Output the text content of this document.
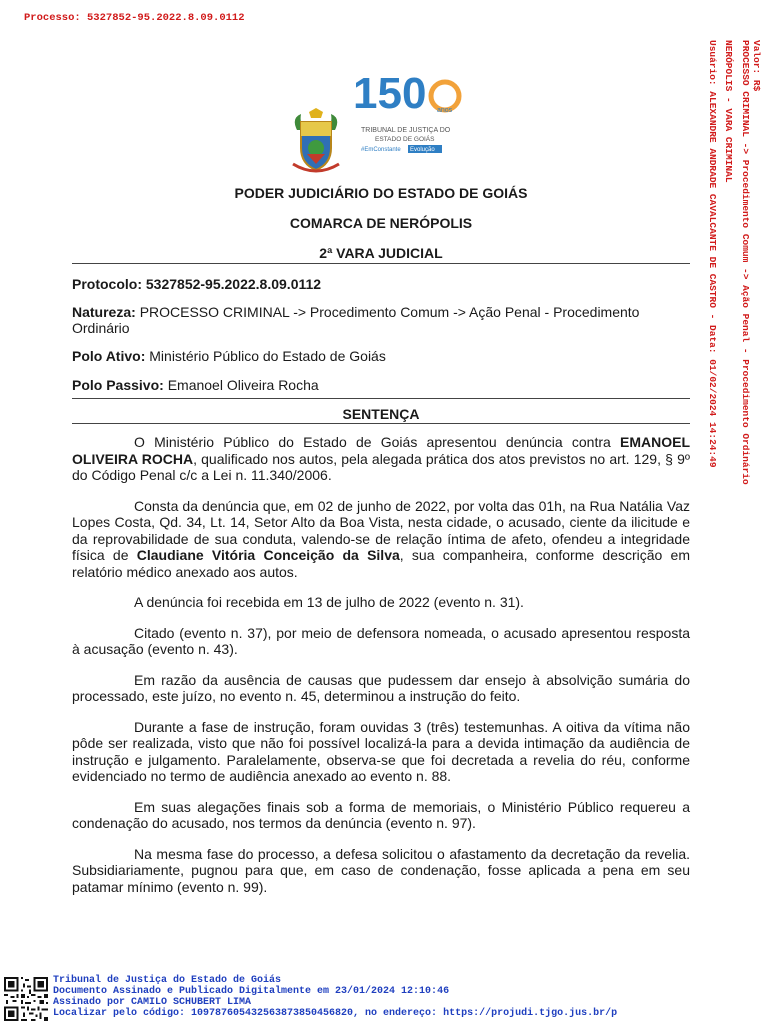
Processo: 5327852-95.2022.8.09.0112
Valor: R$
PROCESSO CRIMINAL -> Procedimento Comum -> Ação Penal - Procedimento Ordinário
NERÓPOLIS - VARA CRIMINAL
Usuário: ALEXANDRE ANDRADE CAVALCANTE DE CASTRO - Data: 01/02/2024 14:24:49
150 anos
TRIBUNAL DE JUSTIÇA DO
ESTADO DE GOIÁS
#EmConstante Evolução
PODER JUDICIÁRIO DO ESTADO DE GOIÁS
COMARCA DE NERÓPOLIS
2ª VARA JUDICIAL
Protocolo: 5327852-95.2022.8.09.0112
Natureza: PROCESSO CRIMINAL -> Procedimento Comum -> Ação Penal - Procedimento Ordinário
Polo Ativo: Ministério Público do Estado de Goiás
Polo Passivo: Emanoel Oliveira Rocha
SENTENÇA

O Ministério Público do Estado de Goiás apresentou denúncia contra EMANOEL OLIVEIRA ROCHA, qualificado nos autos, pela alegada prática dos atos previstos no art. 129, § 9º do Código Penal c/c a Lei n. 11.340/2006.

Consta da denúncia que, em 02 de junho de 2022, por volta das 01h, na Rua Natália Vaz Lopes Costa, Qd. 34, Lt. 14, Setor Alto da Boa Vista, nesta cidade, o acusado, ciente da ilicitude e da reprovabilidade de sua conduta, valendo-se de relação íntima de afeto, ofendeu a integridade física de Claudiane Vitória Conceição da Silva, sua companheira, conforme descrição em relatório médico anexado aos autos.

A denúncia foi recebida em 13 de julho de 2022 (evento n. 31).

Citado (evento n. 37), por meio de defensora nomeada, o acusado apresentou resposta à acusação (evento n. 43).

Em razão da ausência de causas que pudessem dar ensejo à absolvição sumária do processado, este juízo, no evento n. 45, determinou a instrução do feito.

Durante a fase de instrução, foram ouvidas 3 (três) testemunhas. A oitiva da vítima não pôde ser realizada, visto que não foi possível localizá-la para a devida intimação da audiência de instrução e julgamento. Paralelamente, observa-se que foi decretada a revelia do réu, conforme evidenciado no termo de audiência anexado ao evento n. 88.

Em suas alegações finais sob a forma de memoriais, o Ministério Público requereu a condenação do acusado, nos termos da denúncia (evento n. 97).

Na mesma fase do processo, a defesa solicitou o afastamento da decretação da revelia. Subsidiariamente, pugnou para que, em caso de condenação, fosse aplicada a pena em seu patamar mínimo (evento n. 99).

Tribunal de Justiça do Estado de Goiás
Documento Assinado e Publicado Digitalmente em 23/01/2024 12:10:46
Assinado por CAMILO SCHUBERT LIMA
Localizar pelo código: 109787605432563873850456820, no endereço: https://projudi.tjgo.jus.br/p
